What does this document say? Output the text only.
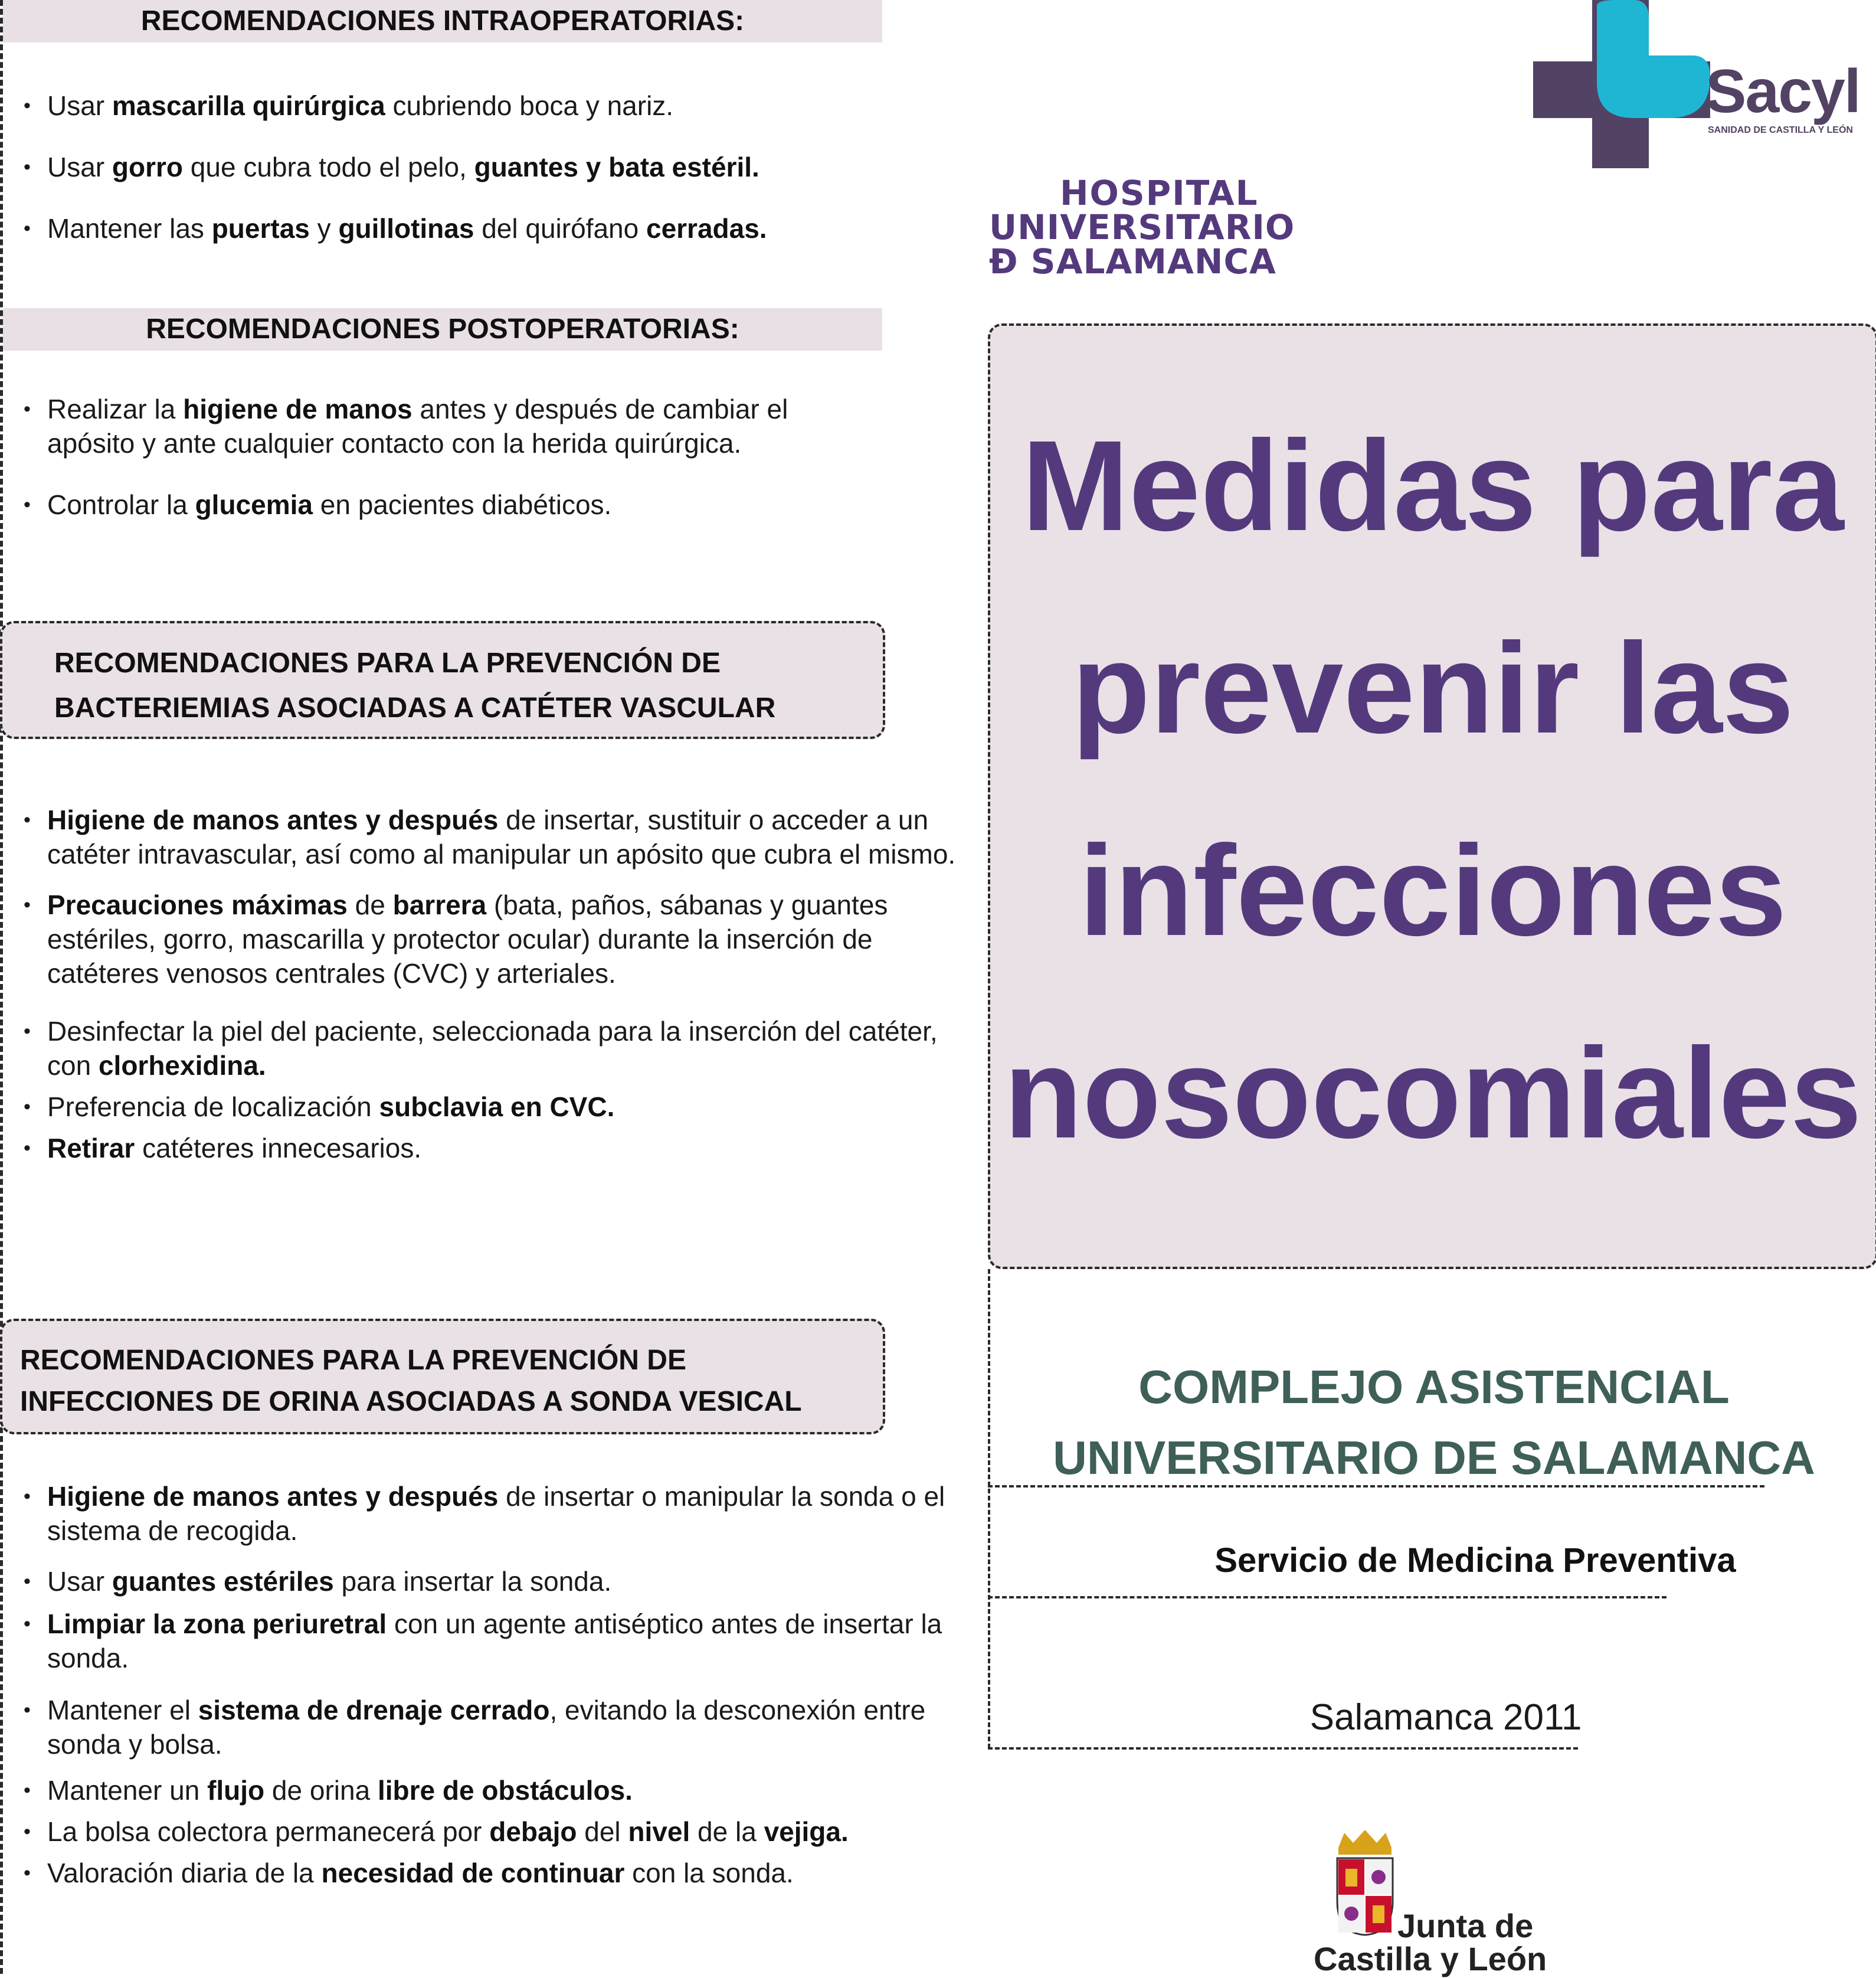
RECOMENDACIONES INTRAOPERATORIAS:
• Usar mascarilla quirúrgica cubriendo boca y nariz.
• Usar gorro que cubra todo el pelo, guantes y bata estéril.
• Mantener las puertas y guillotinas del quirófano cerradas.
RECOMENDACIONES POSTOPERATORIAS:
• Realizar la higiene de manos antes y después de cambiar el apósito y ante cualquier contacto con la herida quirúrgica.
• Controlar la glucemia en pacientes diabéticos.
RECOMENDACIONES PARA LA PREVENCIÓN DE
BACTERIEMIAS ASOCIADAS A CATÉTER VASCULAR
• Higiene de manos antes y después de insertar, sustituir o acceder a un catéter intravascular, así como al manipular un apósito que cubra el mismo.
• Precauciones máximas de barrera (bata, paños, sábanas y guantes estériles, gorro, mascarilla y protector ocular) durante la inserción de catéteres venosos centrales (CVC) y arteriales.
• Desinfectar la piel del paciente, seleccionada para la inserción del catéter, con clorhexidina.
• Preferencia de localización subclavia en CVC.
• Retirar catéteres innecesarios.
RECOMENDACIONES PARA LA PREVENCIÓN DE
INFECCIONES DE ORINA ASOCIADAS A SONDA VESICAL
• Higiene de manos antes y después de insertar o manipular la sonda o el sistema de recogida.
• Usar guantes estériles para insertar la sonda.
• Limpiar la zona periuretral con un agente antiséptico antes de insertar la sonda.
• Mantener el sistema de drenaje cerrado, evitando la desconexión entre sonda y bolsa.
• Mantener un flujo de orina libre de obstáculos.
• La bolsa colectora permanecerá por debajo del nivel de la vejiga.
• Valoración diaria de la necesidad de continuar con la sonda.
Sacyl
SANIDAD DE CASTILLA Y LEÓN
HOSPITAL
UNIVERSITARIO
Ð SALAMANCA
Medidas para
prevenir las
infecciones
nosocomiales
COMPLEJO ASISTENCIAL
UNIVERSITARIO DE SALAMANCA
Servicio de Medicina Preventiva
Salamanca 2011
Junta de
Castilla y León
